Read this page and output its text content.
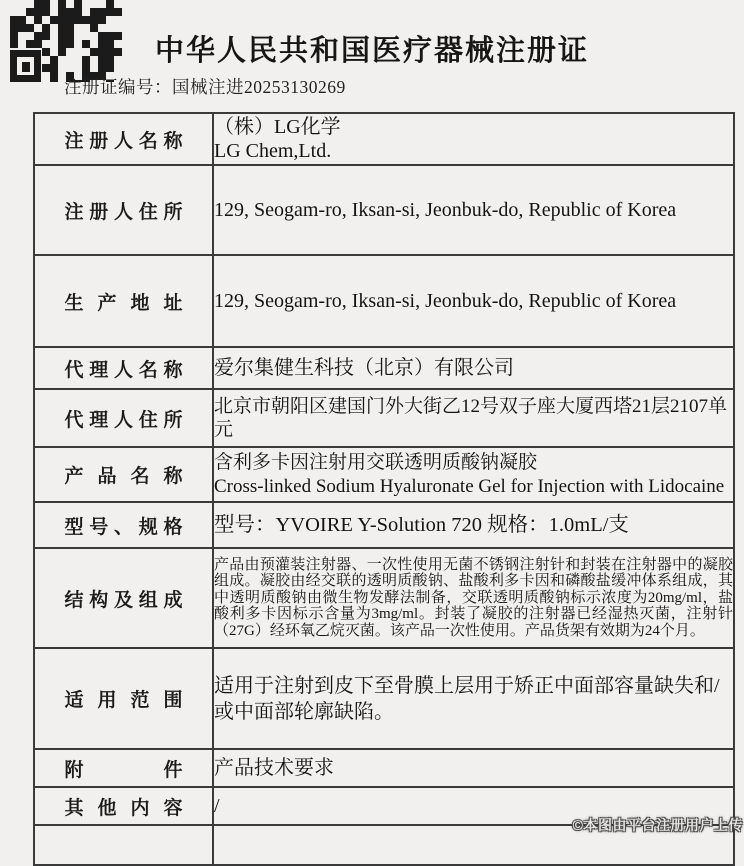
中华人民共和国医疗器械注册证
注册证编号：国械注进20253130269
注册人名称	（株）LG化学
LG Chem,Ltd.

注册人住所	129, Seogam-ro, Iksan-si, Jeonbuk-do, Republic of Korea

生产地址	129, Seogam-ro, Iksan-si, Jeonbuk-do, Republic of Korea

代理人名称	爱尔集健生科技（北京）有限公司

代理人住所	北京市朝阳区建国门外大街乙12号双子座大厦西塔21层2107单元

产品名称	含利多卡因注射用交联透明质酸钠凝胶
Cross-linked Sodium Hyaluronate Gel for Injection with Lidocaine

型号、规格	型号：YVOIRE Y-Solution 720 规格：1.0mL/支

结构及组成	产品由预灌装注射器、一次性使用无菌不锈钢注射针和封装在注射器中的凝胶组成。凝胶由经交联的透明质酸钠、盐酸利多卡因和磷酸盐缓冲体系组成，其中透明质酸钠由微生物发酵法制备，交联透明质酸钠标示浓度为20mg/ml，盐酸利多卡因标示含量为3mg/ml。封装了凝胶的注射器已经湿热灭菌，注射针（27G）经环氧乙烷灭菌。该产品一次性使用。产品货架有效期为24个月。

适用范围	适用于注射到皮下至骨膜上层用于矫正中面部容量缺失和/或中面部轮廓缺陷。

附　件	产品技术要求

其他内容	/

©本图由平台注册用户上传
